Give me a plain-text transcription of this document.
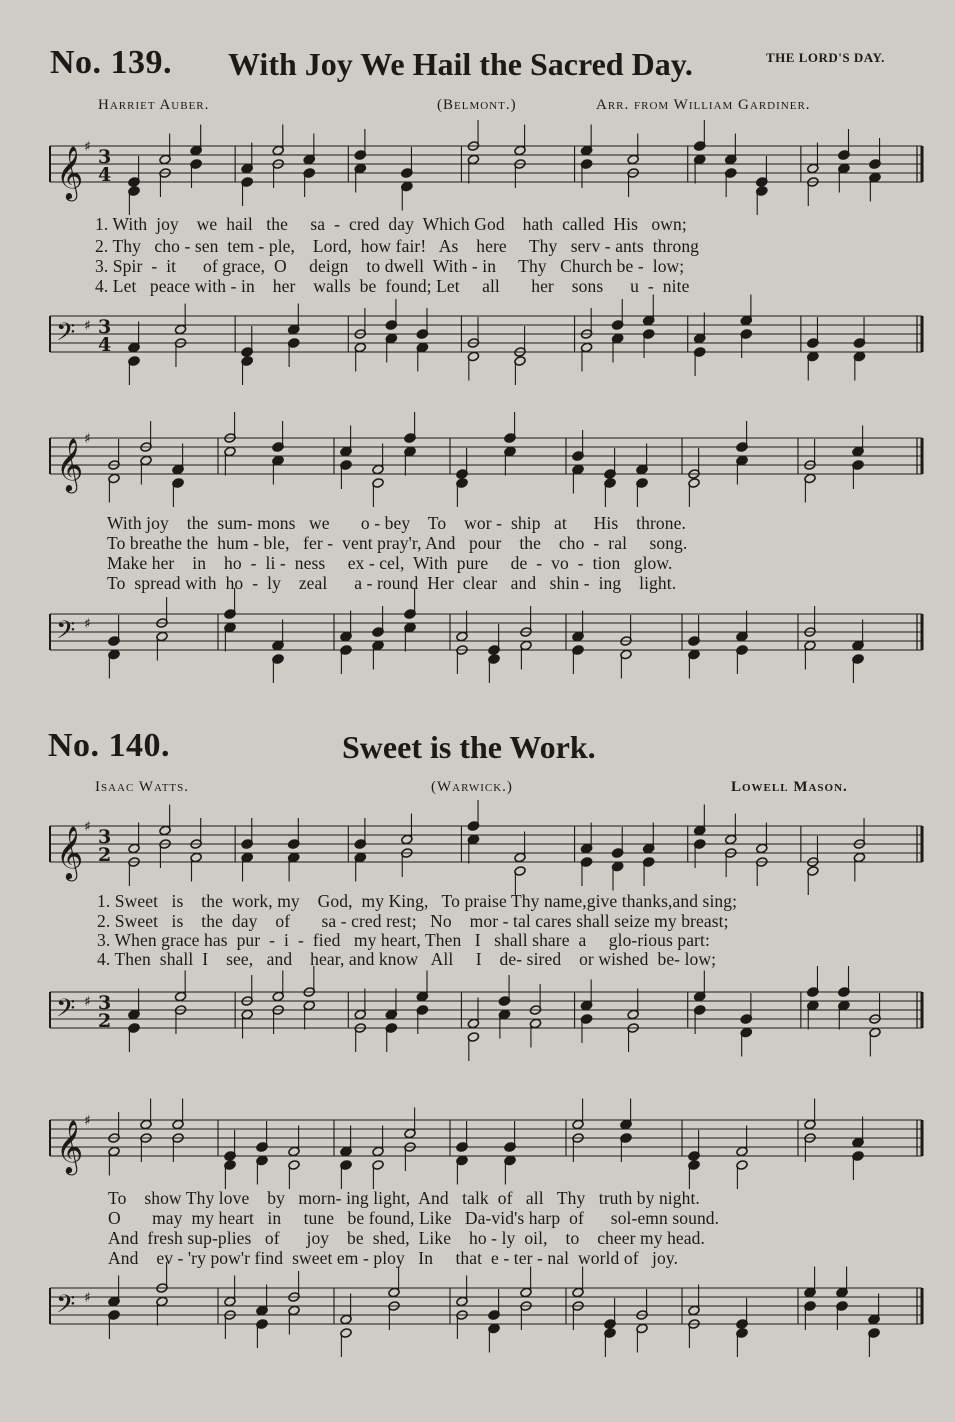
No. 139. With Joy We Hail the Sacred Day.	THE LORD'S DAY.
Harriet Auber.	(Belmont.)	Arr. from William Gardiner.
𝄞 ♯ 3
4
1. With  joy    we  hail   the     sa  -  cred  day  Which God    hath  called  His   own;
2. Thy   cho - sen  tem - ple,    Lord,  how fair!   As    here     Thy   serv - ants  throng
3. Spir  -  it      of grace,  O     deign    to dwell  With - in     Thy   Church be -  low;
4. Let   peace with - in    her    walls  be  found; Let     all       her    sons      u  -  nite
𝄢 ♯ 3
4
𝄞 ♯
With joy    the  sum- mons   we       o - bey    To    wor -  ship   at      His    throne.
To breathe the  hum - ble,   fer -  vent pray'r, And   pour    the    cho  -  ral     song.
Make her    in    ho  -  li -  ness     ex - cel,  With  pure     de  -  vo  -  tion   glow.
To  spread with  ho  -  ly    zeal      a - round  Her  clear   and   shin -  ing    light.
𝄢 ♯
No. 140.	Sweet is the Work.
Isaac Watts.	(Warwick.)	Lowell Mason.
𝄞 ♯ 3
2
1. Sweet   is    the  work, my    God,  my King,   To praise Thy name,give thanks,and sing;
2. Sweet   is    the  day    of       sa - cred rest;   No    mor - tal cares shall seize my breast;
3. When grace has  pur  -  i  -  fied   my heart, Then   I   shall share  a     glo-rious part:
4. Then  shall  I    see,   and    hear, and know   All     I    de- sired    or wished  be- low;
𝄢 ♯ 3
2
𝄞 ♯
To    show Thy love    by   morn- ing light,  And   talk  of   all   Thy   truth by night.
O       may  my heart   in     tune   be found, Like   Da-vid's harp  of      sol-emn sound.
And  fresh sup-plies   of      joy    be  shed,  Like    ho - ly  oil,    to    cheer my head.
And    ev - 'ry pow'r find  sweet em - ploy   In     that  e - ter - nal  world of   joy.
𝄢 ♯
